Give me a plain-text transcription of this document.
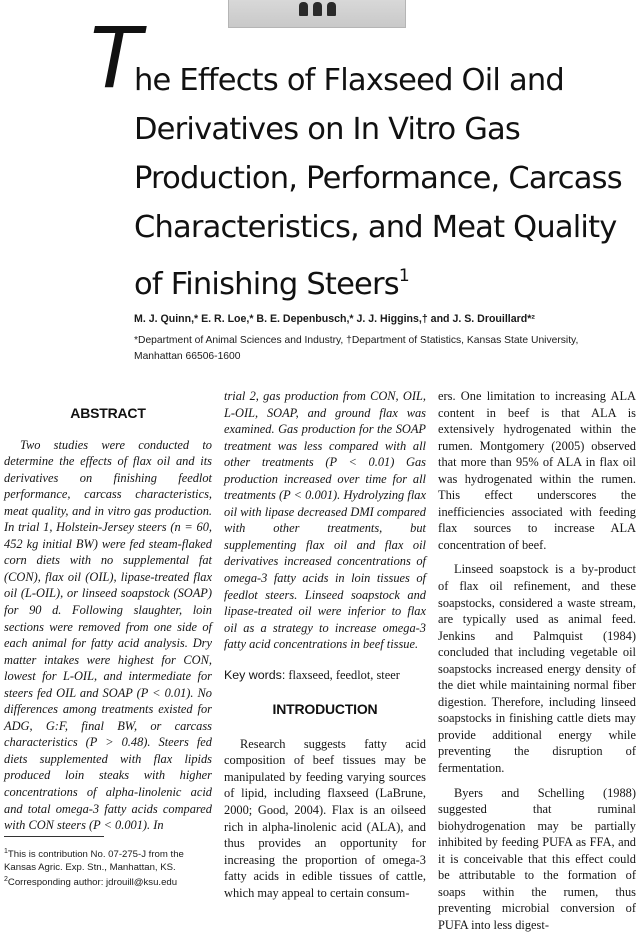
T
he Effects of Flaxseed Oil and
Derivatives on In Vitro Gas
Production, Performance, Carcass
Characteristics, and Meat Quality
of Finishing Steers$^1$
M. J. Quinn,* E. R. Loe,* B. E. Depenbusch,* J. J. Higgins,† and J. S. Drouillard*²
*Department of Animal Sciences and Industry, †Department of Statistics, Kansas State University,
Manhattan 66506-1600
ABSTRACT

Two studies were conducted to determine the effects of flax oil and its derivatives on finishing feedlot performance, carcass characteristics, meat quality, and in vitro gas production. In trial 1, Holstein-Jersey steers (n = 60, 452 kg initial BW) were fed steam-flaked corn diets with no supplemental fat (CON), flax oil (OIL), lipase-treated flax oil (L-OIL), or linseed soapstock (SOAP) for 90 d. Following slaughter, loin sections were removed from one side of each animal for fatty acid analysis. Dry matter intakes were highest for CON, lowest for L-OIL, and intermediate for steers fed OIL and SOAP (P < 0.01). No differences among treatments existed for ADG, G:F, final BW, or carcass characteristics (P > 0.48). Steers fed diets supplemented with flax lipids produced loin steaks with higher concentrations of alpha-linolenic acid and total omega-3 fatty acids compared with CON steers (P < 0.001). In

trial 2, gas production from CON, OIL, L-OIL, SOAP, and ground flax was examined. Gas production for the SOAP treatment was less compared with all other treatments (P < 0.01) Gas production increased over time for all treatments (P < 0.001). Hydrolyzing flax oil with lipase decreased DMI compared with other treatments, but supplementing flax oil and flax oil derivatives increased concentrations of omega-3 fatty acids in loin tissues of feedlot steers. Linseed soapstock and lipase-treated oil were inferior to flax oil as a strategy to increase omega-3 fatty acid concentrations in beef tissue.

Key words: flaxseed, feedlot, steer

INTRODUCTION

Research suggests fatty acid composition of beef tissues may be manipulated by feeding varying sources of lipid, including flaxseed (LaBrune, 2000; Good, 2004). Flax is an oilseed rich in alpha-linolenic acid (ALA), and thus provides an opportunity for increasing the proportion of omega-3 fatty acids in edible tissues of cattle, which may appeal to certain consum-

ers. One limitation to increasing ALA content in beef is that ALA is extensively hydrogenated within the rumen. Montgomery (2005) observed that more than 95% of ALA in flax oil was hydrogenated within the rumen. This effect underscores the inefficiencies associated with feeding flax sources to increase ALA concentration of beef.

Linseed soapstock is a by-product of flax oil refinement, and these soapstocks, considered a waste stream, are typically used as animal feed. Jenkins and Palmquist (1984) concluded that including vegetable oil soapstocks increased energy density of the diet while maintaining normal fiber digestion. Therefore, including linseed soapstocks in finishing cattle diets may provide additional energy while preventing the disruption of fermentation.

Byers and Schelling (1988) suggested that ruminal biohydrogenation may be partially inhibited by feeding PUFA as FFA, and it is conceivable that this effect could be attributable to the formation of soaps within the rumen, thus preventing microbial conversion of PUFA into less digest-

$^1$This is contribution No. 07-275-J from the Kansas Agric. Exp. Stn., Manhattan, KS.
$^2$Corresponding author: jdrouill@ksu.edu
